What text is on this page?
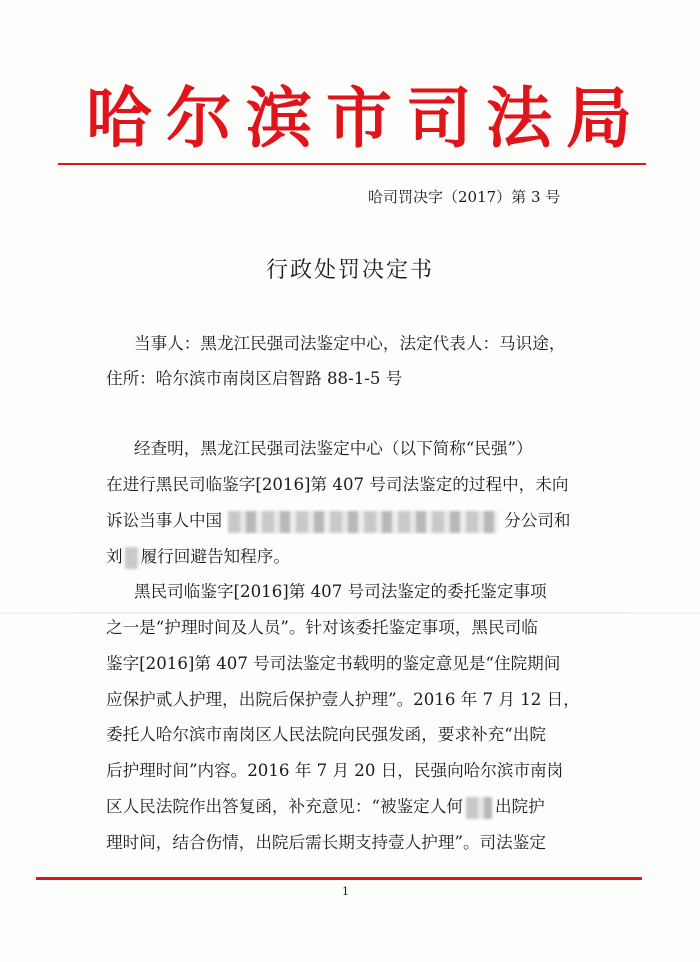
哈尔滨市司法局
哈司罚决字（2017）第 3 号
行政处罚决定书
当事人：黑龙江民强司法鉴定中心，法定代表人：马识途，
住所：哈尔滨市南岗区启智路 88-1-5 号
经查明，黑龙江民强司法鉴定中心（以下简称“民强”）
在进行黑民司临鉴字[2016]第 407 号司法鉴定的过程中，未向
诉讼当事人中国	分公司和
刘 履行回避告知程序。
黑民司临鉴字[2016]第 407 号司法鉴定的委托鉴定事项
之一是“护理时间及人员”。针对该委托鉴定事项，黑民司临
鉴字[2016]第 407 号司法鉴定书载明的鉴定意见是“住院期间
应保护贰人护理，出院后保护壹人护理”。2016 年 7 月 12 日，
委托人哈尔滨市南岗区人民法院向民强发函，要求补充“出院
后护理时间”内容。2016 年 7 月 20 日，民强向哈尔滨市南岗
区人民法院作出答复函，补充意见：“被鉴定人何 出院护
理时间，结合伤情，出院后需长期支持壹人护理”。司法鉴定
1
